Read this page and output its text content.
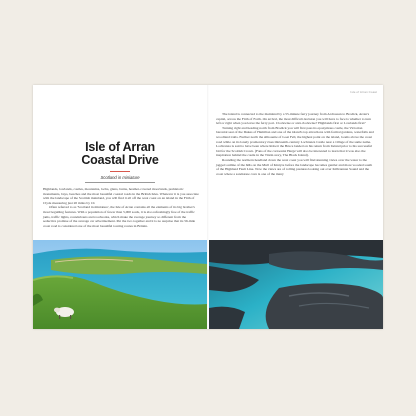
Isle of Arran Coast
Isle of Arran
Coastal Drive
Scotland in miniature

Highlands, lowlands, castles, mountains, lochs, glens, burns, heather-covered moorlands, prehistoric monuments, bays, beaches and the most beautiful coastal roads in the British Isles. Whatever it is you associate with the landscape of the Scottish mainland, you will find it all off the west coast on an island in the Firth of Clyde measuring just 20 miles by 10.

Often referred to as 'Scotland in miniature', the Isle of Arran contains all the elements of its big brother's most beguiling features. With a population of fewer than 5,000 souls, it is also refreshingly free of the traffic jams, traffic lights, roundabouts and roadworks, which make the average journey so different from the seductive promise of the average car advertisement. Put the two together and it is no surprise that its 56-mile coast road is considered one of the most beautiful touring routes in Britain.

The island is connected to the mainland by a 55-minute ferry journey from Ardrossan to Brodick, Arran's capital, across the Firth of Forth. On arrival, the most difficult decision you will have to face is whether to turn left or right when you leave the ferry port. Clockwise or anti-clockwise? Highlands first or Lowlands first?

Turning right and heading north from Brodick you will first pass its eponymous castle, the Victorian baronial seat of the Dukes of Hamilton and one of the island's top attractions with formal gardens, waterfalls and woodland trails. Further north the silhouette of Goat Fell, the highest point on the island, looms above the coast road while on its lonely promontory rises thirteenth-century Lochranza Castle near a village of the same name. Lochranza is said to have been where Robert the Bruce landed on his return from Ireland prior to his successful bid for the Scottish Crown. (Fans of the cartoonist Hergé will also be interested to learn that it was also the inspiration behind the castle in the Tintin story, The Black Island).

Rounding the northern headland down the west coast you will find stunning views over the water to the jagged outline of the hills on the Mull of Kintyre before the landscape becomes gentler and more wooded south of the Highland Fault Line. Now the views are of rolling pastures looking out over Kilbrannan Sound and the coast where a sandstone cave is one of the many
